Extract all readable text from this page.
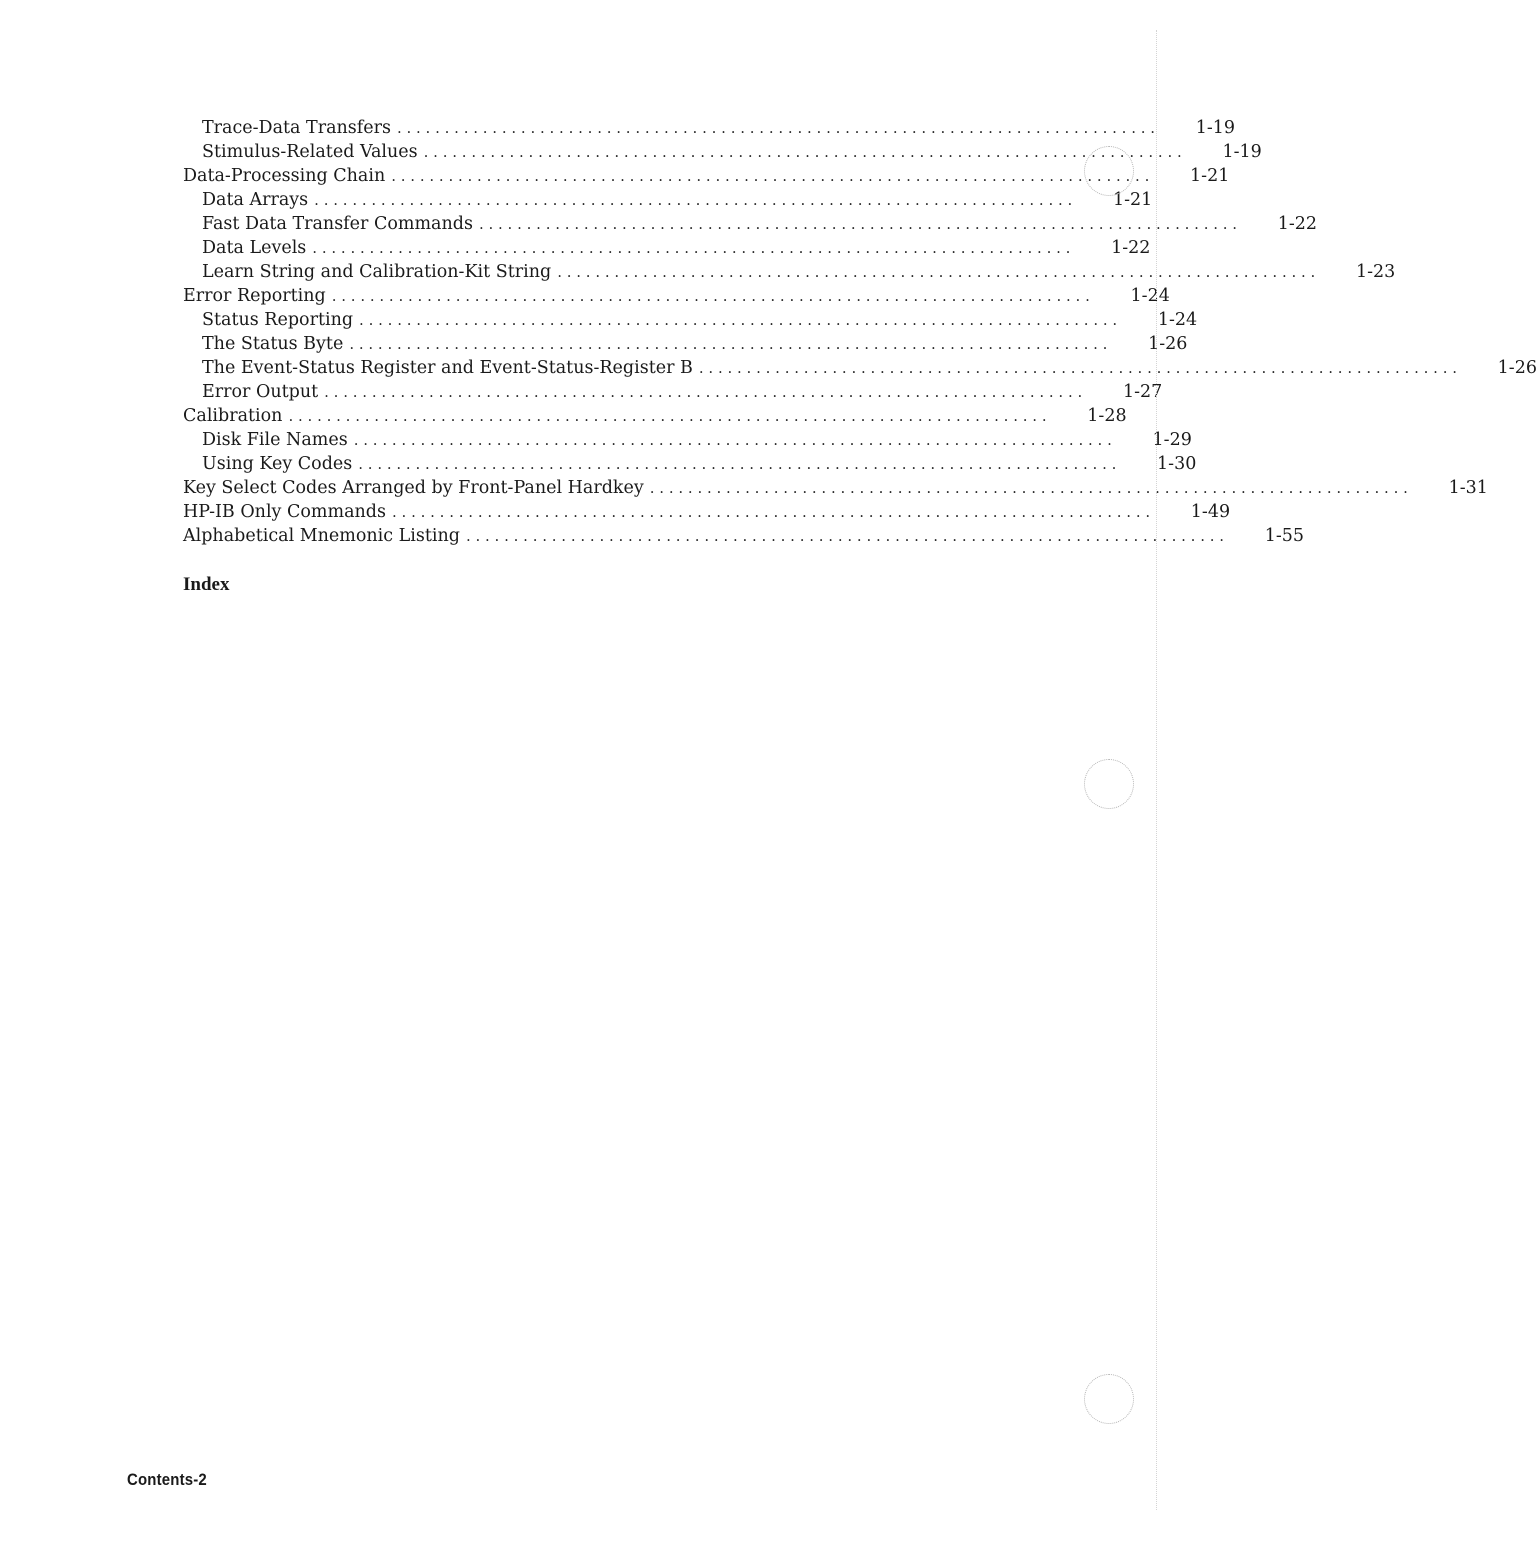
Trace-Data Transfers . . . . . . . . . . . . . . . . . . . . . . . . . . . . . . . . . . . . . . . . . . . . . . . . . . . . . . . . . . . . . . . . . . . . . . . . . . . . . . . . 1-19
Stimulus-Related Values . . . . . . . . . . . . . . . . . . . . . . . . . . . . . . . . . . . . . . . . . . . . . . . . . . . . . . . . . . . . . . . . . . . . . . . . . . . . . . . . 1-19
Data-Processing Chain . . . . . . . . . . . . . . . . . . . . . . . . . . . . . . . . . . . . . . . . . . . . . . . . . . . . . . . . . . . . . . . . . . . . . . . . . . . . . . . . 1-21
Data Arrays . . . . . . . . . . . . . . . . . . . . . . . . . . . . . . . . . . . . . . . . . . . . . . . . . . . . . . . . . . . . . . . . . . . . . . . . . . . . . . . . 1-21
Fast Data Transfer Commands . . . . . . . . . . . . . . . . . . . . . . . . . . . . . . . . . . . . . . . . . . . . . . . . . . . . . . . . . . . . . . . . . . . . . . . . . . . . . . . . 1-22
Data Levels . . . . . . . . . . . . . . . . . . . . . . . . . . . . . . . . . . . . . . . . . . . . . . . . . . . . . . . . . . . . . . . . . . . . . . . . . . . . . . . . 1-22
Learn String and Calibration-Kit String . . . . . . . . . . . . . . . . . . . . . . . . . . . . . . . . . . . . . . . . . . . . . . . . . . . . . . . . . . . . . . . . . . . . . . . . . . . . . . . . 1-23
Error Reporting . . . . . . . . . . . . . . . . . . . . . . . . . . . . . . . . . . . . . . . . . . . . . . . . . . . . . . . . . . . . . . . . . . . . . . . . . . . . . . . . 1-24
Status Reporting . . . . . . . . . . . . . . . . . . . . . . . . . . . . . . . . . . . . . . . . . . . . . . . . . . . . . . . . . . . . . . . . . . . . . . . . . . . . . . . . 1-24
The Status Byte . . . . . . . . . . . . . . . . . . . . . . . . . . . . . . . . . . . . . . . . . . . . . . . . . . . . . . . . . . . . . . . . . . . . . . . . . . . . . . . . 1-26
The Event-Status Register and Event-Status-Register B . . . . . . . . . . . . . . . . . . . . . . . . . . . . . . . . . . . . . . . . . . . . . . . . . . . . . . . . . . . . . . . . . . . . . . . . . . . . . . . . 1-26
Error Output . . . . . . . . . . . . . . . . . . . . . . . . . . . . . . . . . . . . . . . . . . . . . . . . . . . . . . . . . . . . . . . . . . . . . . . . . . . . . . . . 1-27
Calibration . . . . . . . . . . . . . . . . . . . . . . . . . . . . . . . . . . . . . . . . . . . . . . . . . . . . . . . . . . . . . . . . . . . . . . . . . . . . . . . . 1-28
Disk File Names . . . . . . . . . . . . . . . . . . . . . . . . . . . . . . . . . . . . . . . . . . . . . . . . . . . . . . . . . . . . . . . . . . . . . . . . . . . . . . . . 1-29
Using Key Codes . . . . . . . . . . . . . . . . . . . . . . . . . . . . . . . . . . . . . . . . . . . . . . . . . . . . . . . . . . . . . . . . . . . . . . . . . . . . . . . . 1-30
Key Select Codes Arranged by Front-Panel Hardkey . . . . . . . . . . . . . . . . . . . . . . . . . . . . . . . . . . . . . . . . . . . . . . . . . . . . . . . . . . . . . . . . . . . . . . . . . . . . . . . . 1-31
HP-IB Only Commands . . . . . . . . . . . . . . . . . . . . . . . . . . . . . . . . . . . . . . . . . . . . . . . . . . . . . . . . . . . . . . . . . . . . . . . . . . . . . . . . 1-49
Alphabetical Mnemonic Listing . . . . . . . . . . . . . . . . . . . . . . . . . . . . . . . . . . . . . . . . . . . . . . . . . . . . . . . . . . . . . . . . . . . . . . . . . . . . . . . . 1-55
Index
Contents-2
